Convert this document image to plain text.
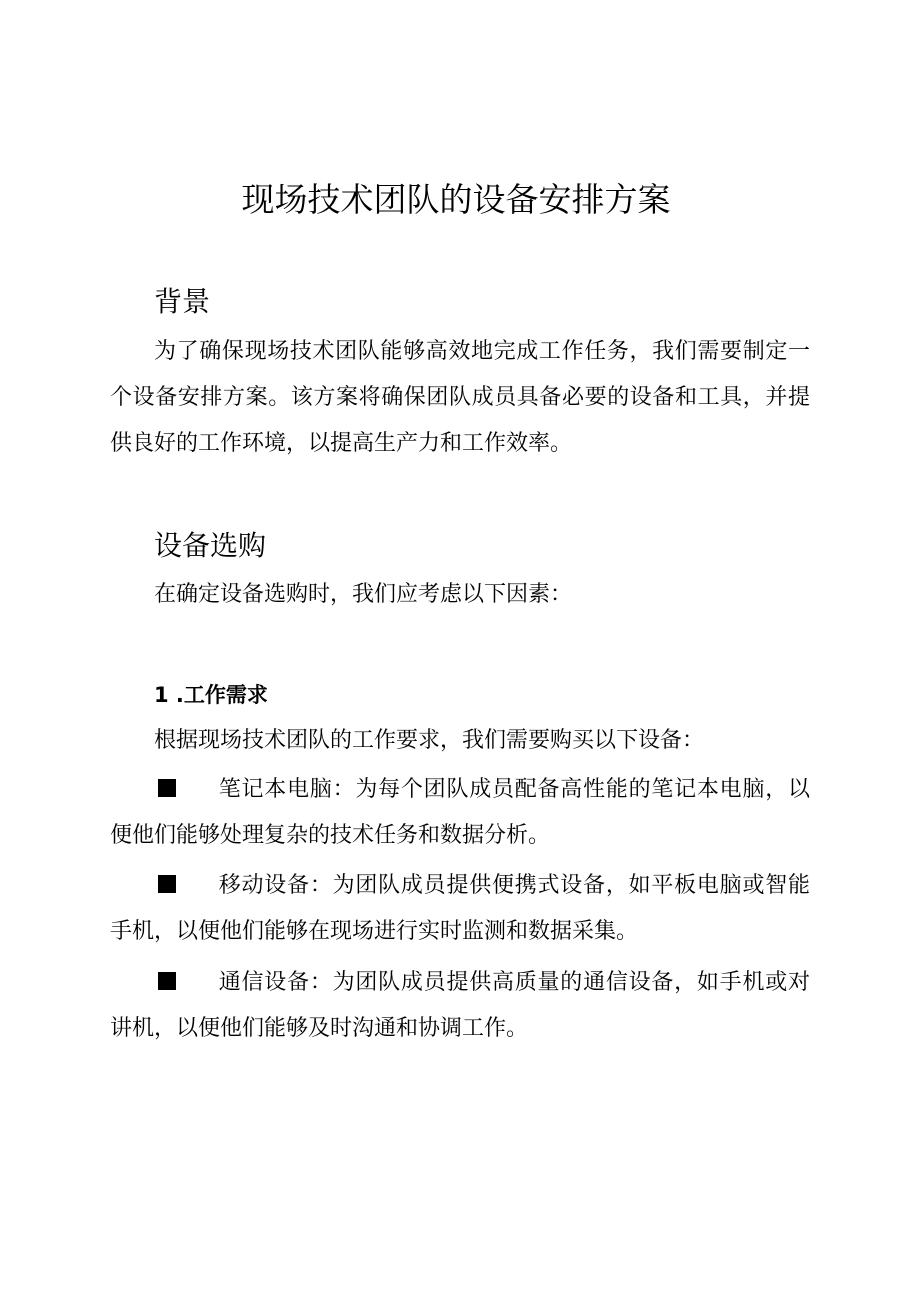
现场技术团队的设备安排方案
背景

为了确保现场技术团队能够高效地完成工作任务，我们需要制定一个设备安排方案。该方案将确保团队成员具备必要的设备和工具，并提供良好的工作环境，以提高生产力和工作效率。

设备选购

在确定设备选购时，我们应考虑以下因素：

1 .工作需求

根据现场技术团队的工作要求，我们需要购买以下设备：

笔记本电脑：为每个团队成员配备高性能的笔记本电脑，以便他们能够处理复杂的技术任务和数据分析。

移动设备：为团队成员提供便携式设备，如平板电脑或智能手机，以便他们能够在现场进行实时监测和数据采集。

通信设备：为团队成员提供高质量的通信设备，如手机或对讲机，以便他们能够及时沟通和协调工作。
